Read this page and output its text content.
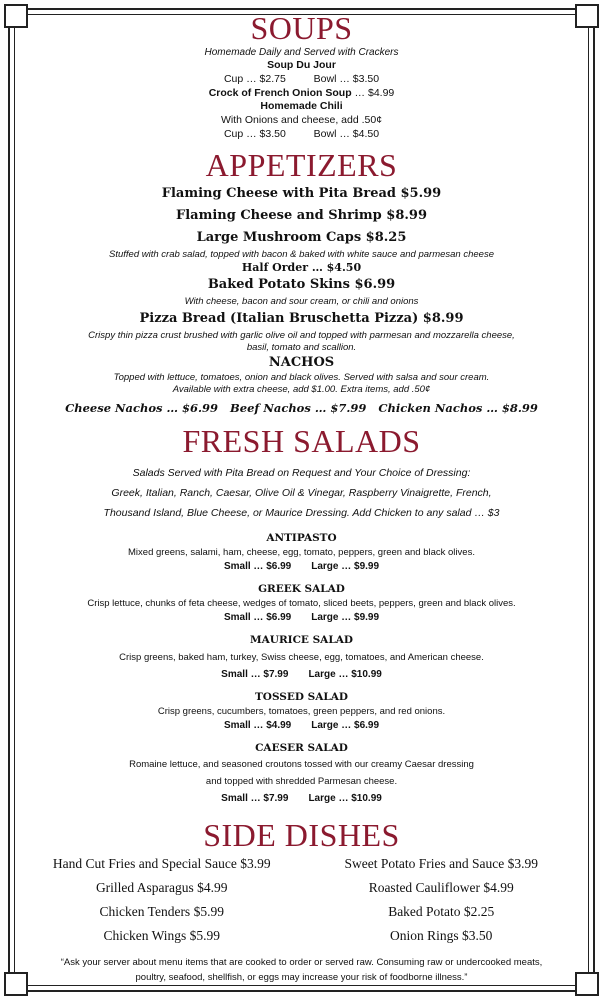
SOUPS
Homemade Daily and Served with Crackers
Soup Du Jour
Cup … $2.75	Bowl … $3.50
Crock of French Onion Soup … $4.99
Homemade Chili
With Onions and cheese, add .50¢
Cup … $3.50	Bowl … $4.50
APPETIZERS
Flaming Cheese with Pita Bread $5.99
Flaming Cheese and Shrimp $8.99
Large Mushroom Caps $8.25
Stuffed with crab salad, topped with bacon & baked with white sauce and parmesan cheese
Half Order … $4.50
Baked Potato Skins $6.99
With cheese, bacon and sour cream, or chili and onions
Pizza Bread (Italian Bruschetta Pizza) $8.99
Crispy thin pizza crust brushed with garlic olive oil and topped with parmesan and mozzarella cheese,
basil, tomato and scallion.
NACHOS
Topped with lettuce, tomatoes, onion and black olives. Served with salsa and sour cream.
Available with extra cheese, add $1.00. Extra items, add .50¢
Cheese Nachos … $6.99 Beef Nachos … $7.99 Chicken Nachos … $8.99
FRESH SALADS
Salads Served with Pita Bread on Request and Your Choice of Dressing:
Greek, Italian, Ranch, Caesar, Olive Oil & Vinegar, Raspberry Vinaigrette, French,
Thousand Island, Blue Cheese, or Maurice Dressing. Add Chicken to any salad … $3
ANTIPASTO
Mixed greens, salami, ham, cheese, egg, tomato, peppers, green and black olives.
Small … $6.99 Large … $9.99
GREEK SALAD
Crisp lettuce, chunks of feta cheese, wedges of tomato, sliced beets, peppers, green and black olives.
Small … $6.99 Large … $9.99
MAURICE SALAD
Crisp greens, baked ham, turkey, Swiss cheese, egg, tomatoes, and American cheese.
Small … $7.99 Large … $10.99
TOSSED SALAD
Crisp greens, cucumbers, tomatoes, green peppers, and red onions.
Small … $4.99 Large … $6.99
CAESER SALAD
Romaine lettuce, and seasoned croutons tossed with our creamy Caesar dressing
and topped with shredded Parmesan cheese.
Small … $7.99 Large … $10.99
SIDE DISHES
Hand Cut Fries and Special Sauce $3.99	Sweet Potato Fries and Sauce $3.99
Grilled Asparagus $4.99	Roasted Cauliflower $4.99
Chicken Tenders $5.99	Baked Potato $2.25
Chicken Wings $5.99	Onion Rings $3.50
“Ask your server about menu items that are cooked to order or served raw. Consuming raw or undercooked meats,
poultry, seafood, shellfish, or eggs may increase your risk of foodborne illness.”
